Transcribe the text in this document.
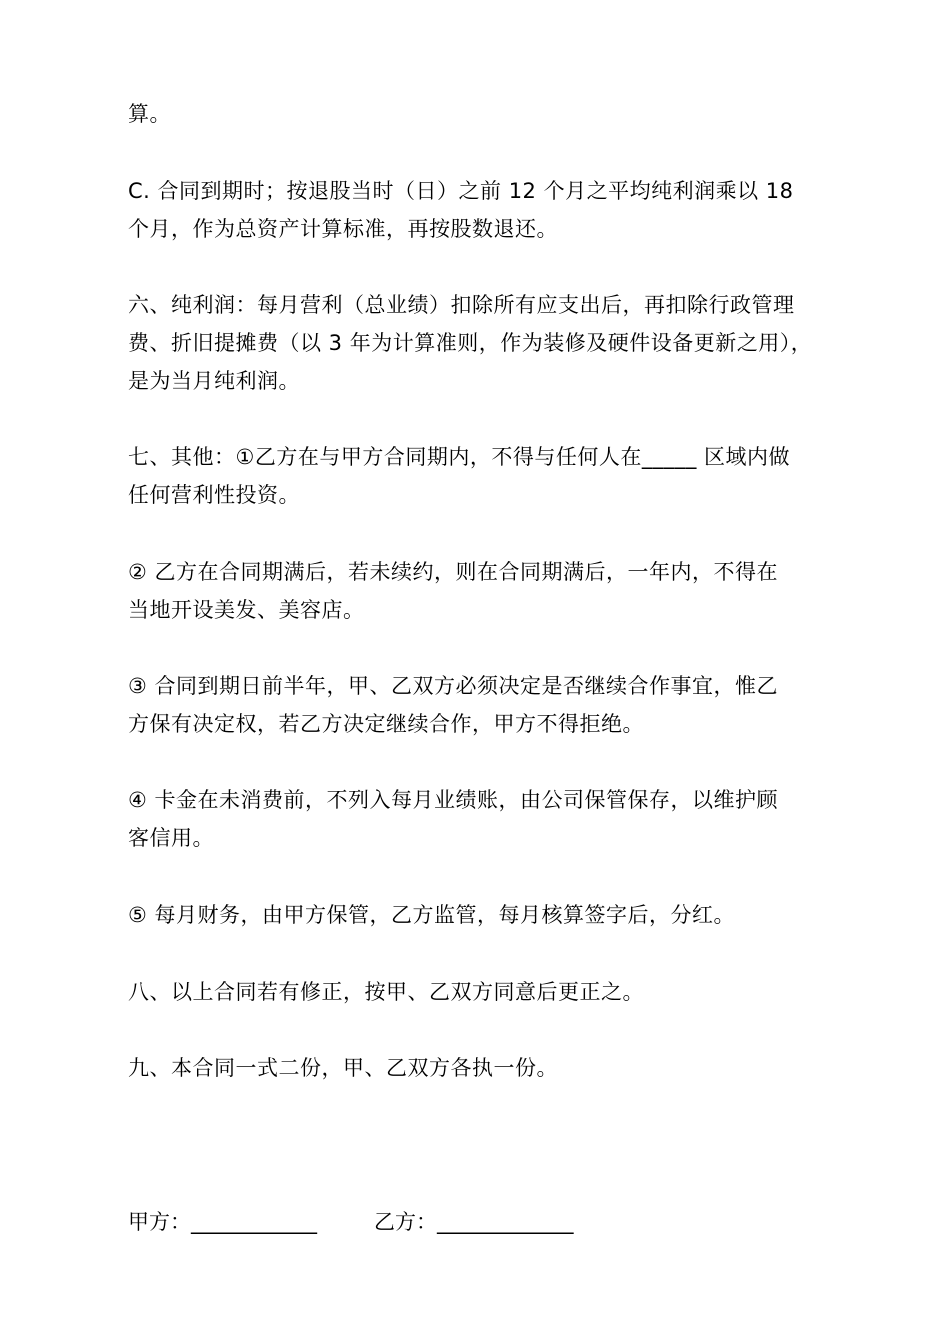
算。
C. 合同到期时；按退股当时（日）之前 12 个月之平均纯利润乘以 18
个月，作为总资产计算标准，再按股数退还。
六、纯利润：每月营利（总业绩）扣除所有应支出后，再扣除行政管理
费、折旧提摊费（以 3 年为计算准则，作为装修及硬件设备更新之用），
是为当月纯利润。
七、其他：①乙方在与甲方合同期内，不得与任何人在_____ 区域内做
任何营利性投资。
② 乙方在合同期满后，若未续约，则在合同期满后，一年内，不得在
当地开设美发、美容店。
③ 合同到期日前半年，甲、乙双方必须决定是否继续合作事宜，惟乙
方保有决定权，若乙方决定继续合作，甲方不得拒绝。
④ 卡金在未消费前，不列入每月业绩账，由公司保管保存，以维护顾
客信用。
⑤ 每月财务，由甲方保管，乙方监管，每月核算签字后，分红。
八、以上合同若有修正，按甲、乙双方同意后更正之。
九、本合同一式二份，甲、乙双方各执一份。
甲方：____________	乙方：_____________
